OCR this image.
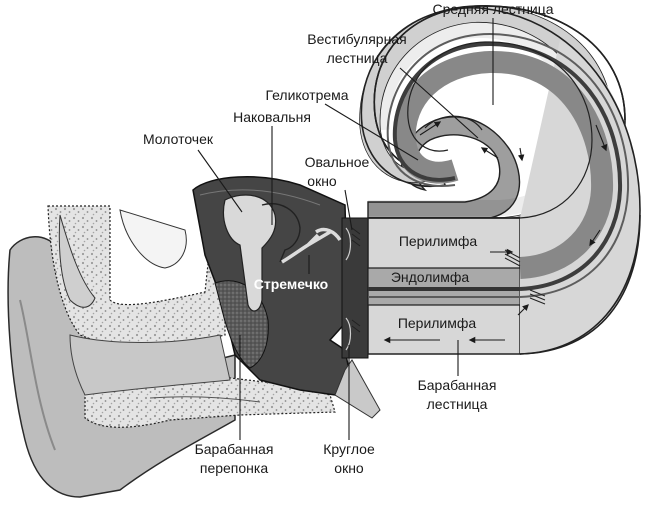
Средняя лестница
Вестибулярная
лестница
Геликотрема
Молоточек
Наковальня
Овальное
окно
Стремечко
Перилимфа
Эндолимфа
Перилимфа
Барабанная
лестница
Барабанная
перепонка
Круглое
окно
